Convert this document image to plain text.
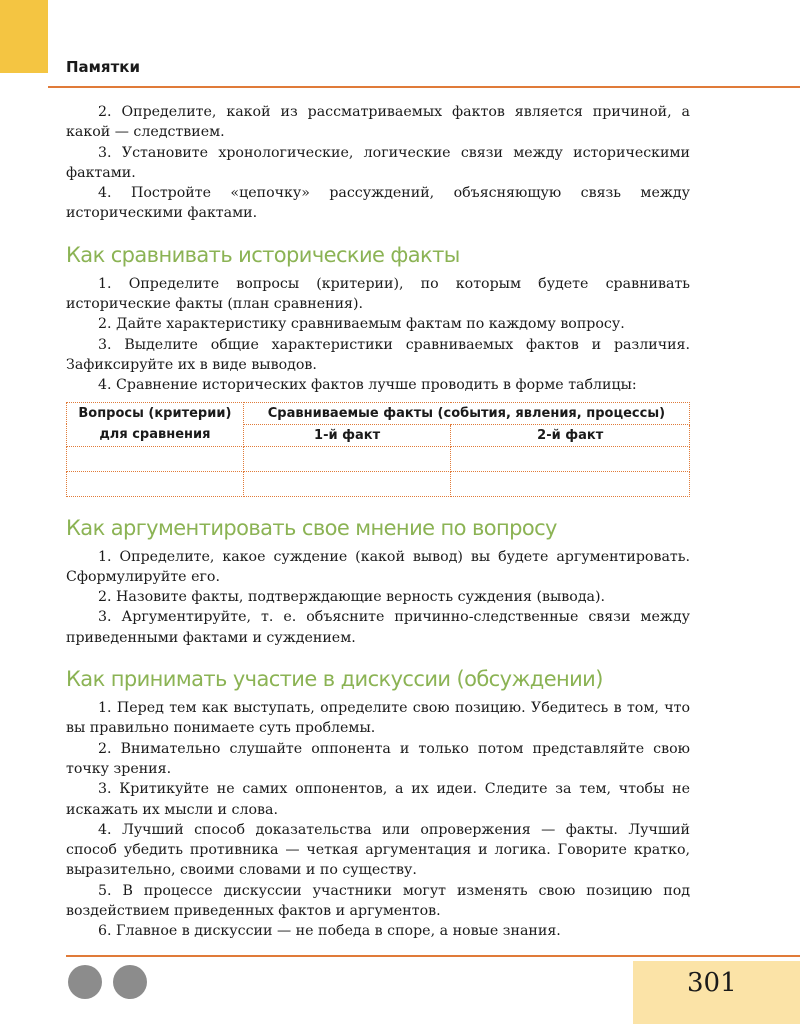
Памятки

2. Определите, какой из рассматриваемых фактов является причиной, а какой — следствием.

3. Установите хронологические, логические связи между историческими фактами.

4. Постройте «цепочку» рассуждений, объясняющую связь между историческими фактами.

Как сравнивать исторические факты

1. Определите вопросы (критерии), по которым будете сравнивать исторические факты (план сравнения).

2. Дайте характеристику сравниваемым фактам по каждому вопросу.

3. Выделите общие характеристики сравниваемых фактов и различия. Зафиксируйте их в виде выводов.

4. Сравнение исторических фактов лучше проводить в форме таблицы:

Вопросы (критерии) для сравнения	Сравниваемые факты (события, явления, процессы)	
	1-й факт	2-й факт

Как аргументировать свое мнение по вопросу

1. Определите, какое суждение (какой вывод) вы будете аргументировать. Сформулируйте его.

2. Назовите факты, подтверждающие верность суждения (вывода).

3. Аргументируйте, т. е. объясните причинно-следственные связи между приведенными фактами и суждением.

Как принимать участие в дискуссии (обсуждении)

1. Перед тем как выступать, определите свою позицию. Убедитесь в том, что вы правильно понимаете суть проблемы.

2. Внимательно слушайте оппонента и только потом представляйте свою точку зрения.

3. Критикуйте не самих оппонентов, а их идеи. Следите за тем, чтобы не искажать их мысли и слова.

4. Лучший способ доказательства или опровержения — факты. Лучший способ убедить противника — четкая аргументация и логика. Говорите кратко, выразительно, своими словами и по существу.

5. В процессе дискуссии участники могут изменять свою позицию под воздействием приведенных фактов и аргументов.

6. Главное в дискуссии — не победа в споре, а новые знания.

301
